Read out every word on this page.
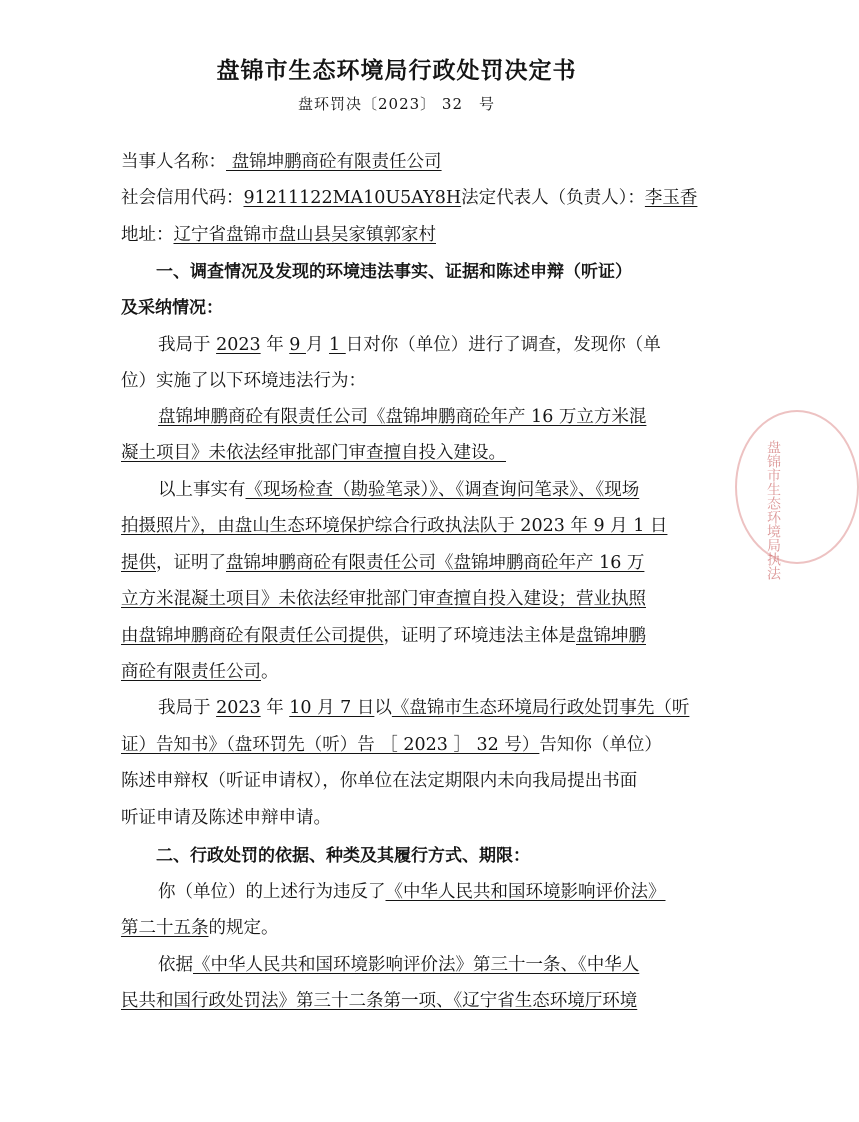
盘锦市生态环境局行政处罚决定书
盘环罚决〔2023〕 32　号
当事人名称： 盘锦坤鹏商砼有限责任公司
社会信用代码：91211122MA10U5AY8H法定代表人（负责人）：李玉香
地址：辽宁省盘锦市盘山县吴家镇郭家村
一、调查情况及发现的环境违法事实、证据和陈述申辩（听证）
及采纳情况：
我局于 2023 年 9 月 1 日对你（单位）进行了调查，发现你（单
位）实施了以下环境违法行为：
盘锦坤鹏商砼有限责任公司《盘锦坤鹏商砼年产 16 万立方米混
凝土项目》未依法经审批部门审查擅自投入建设。
以上事实有《现场检查（勘验笔录）》、《调查询问笔录》、《现场
拍摄照片》，由盘山生态环境保护综合行政执法队于 2023 年 9 月 1 日
提供，证明了盘锦坤鹏商砼有限责任公司《盘锦坤鹏商砼年产 16 万
立方米混凝土项目》未依法经审批部门审查擅自投入建设；营业执照
由盘锦坤鹏商砼有限责任公司提供，证明了环境违法主体是盘锦坤鹏
商砼有限责任公司。
我局于 2023 年 10 月 7 日以《盘锦市生态环境局行政处罚事先（听
证）告知书》（盘环罚先（听）告 ［ 2023 ］ 32 号）告知你（单位）
陈述申辩权（听证申请权），你单位在法定期限内未向我局提出书面
听证申请及陈述申辩申请。
二、行政处罚的依据、种类及其履行方式、期限：
你（单位）的上述行为违反了《中华人民共和国环境影响评价法》
第二十五条的规定。
依据《中华人民共和国环境影响评价法》第三十一条、《中华人
民共和国行政处罚法》第三十二条第一项、《辽宁省生态环境厅环境
盘锦市生态环境局执法
